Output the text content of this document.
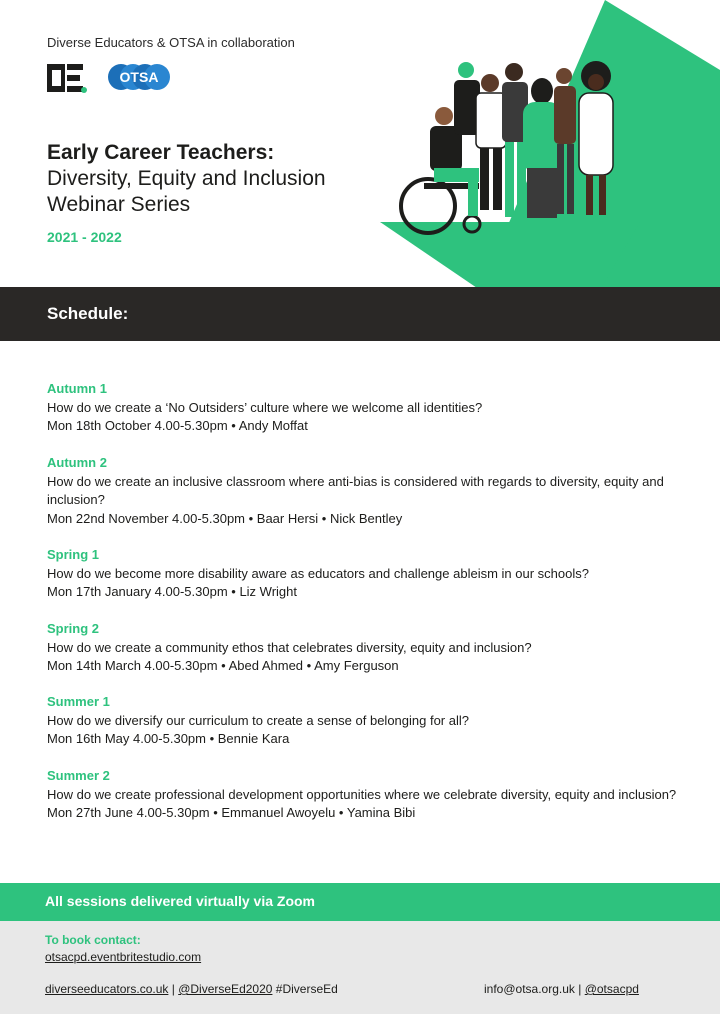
Diverse Educators & OTSA in collaboration
OTSA
Early Career Teachers:
Diversity, Equity and Inclusion
Webinar Series
2021 - 2022
Schedule:
Autumn 1
How do we create a ‘No Outsiders’ culture where we welcome all identities?
Mon 18th October 4.00-5.30pm • Andy Moffat
Autumn 2
How do we create an inclusive classroom where anti-bias is considered with regards to diversity, equity and inclusion?
Mon 22nd November 4.00-5.30pm • Baar Hersi • Nick Bentley
Spring 1
How do we become more disability aware as educators and challenge ableism in our schools?
Mon 17th January 4.00-5.30pm • Liz Wright
Spring 2
How do we create a community ethos that celebrates diversity, equity and inclusion?
Mon 14th March 4.00-5.30pm • Abed Ahmed • Amy Ferguson
Summer 1
How do we diversify our curriculum to create a sense of belonging for all?
Mon 16th May 4.00-5.30pm • Bennie Kara
Summer 2
How do we create professional development opportunities where we celebrate diversity, equity and inclusion?
Mon 27th June 4.00-5.30pm • Emmanuel Awoyelu • Yamina Bibi
All sessions delivered virtually via Zoom
To book contact:
otsacpd.eventbritestudio.com
diverseeducators.co.uk | @DiverseEd2020 #DiverseEd	info@otsa.org.uk | @otsacpd
